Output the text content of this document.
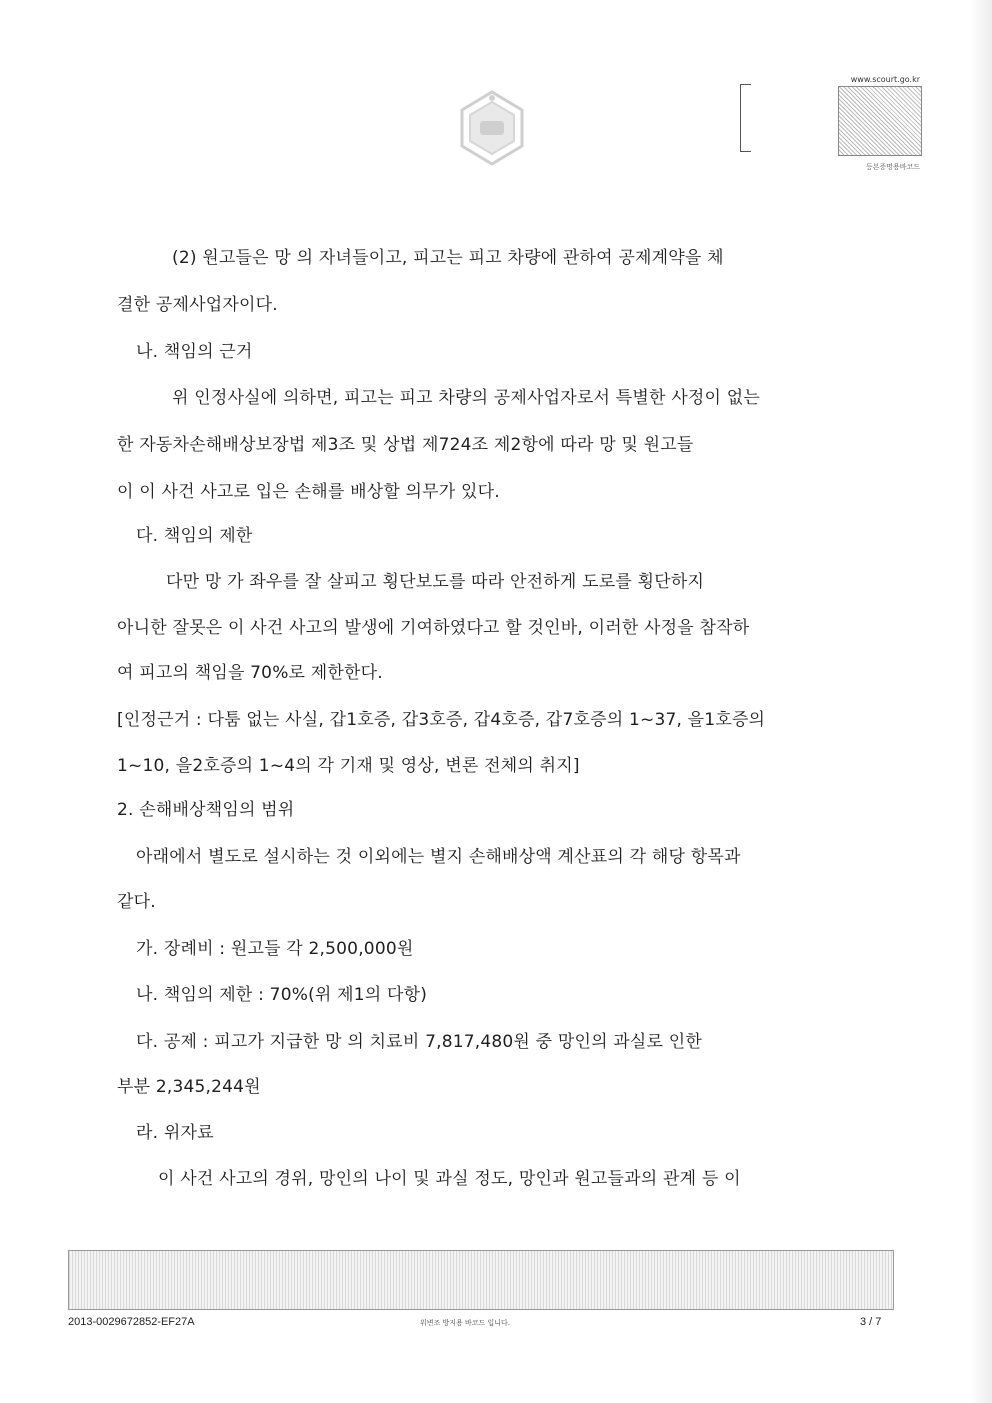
www.scourt.go.kr
등본증명용바코드
(2) 원고들은 망 의 자녀들이고, 피고는 피고 차량에 관하여 공제계약을 체
결한 공제사업자이다.
나. 책임의 근거
위 인정사실에 의하면, 피고는 피고 차량의 공제사업자로서 특별한 사정이 없는
한 자동차손해배상보장법 제3조 및 상법 제724조 제2항에 따라 망 및 원고들
이 이 사건 사고로 입은 손해를 배상할 의무가 있다.
다. 책임의 제한
다만 망 가 좌우를 잘 살피고 횡단보도를 따라 안전하게 도로를 횡단하지
아니한 잘못은 이 사건 사고의 발생에 기여하였다고 할 것인바, 이러한 사정을 참작하
여 피고의 책임을 70%로 제한한다.
[인정근거 : 다툼 없는 사실, 갑1호증, 갑3호증, 갑4호증, 갑7호증의 1~37, 을1호증의
1~10, 을2호증의 1~4의 각 기재 및 영상, 변론 전체의 취지]
2. 손해배상책임의 범위
아래에서 별도로 설시하는 것 이외에는 별지 손해배상액 계산표의 각 해당 항목과
같다.
가. 장례비 : 원고들 각 2,500,000원
나. 책임의 제한 : 70%(위 제1의 다항)
다. 공제 : 피고가 지급한 망 의 치료비 7,817,480원 중 망인의 과실로 인한
부분 2,345,244원
라. 위자료
이 사건 사고의 경위, 망인의 나이 및 과실 정도, 망인과 원고들과의 관계 등 이
2013-0029672852-EF27A	위변조 방지용 바코드 입니다.	3 / 7
